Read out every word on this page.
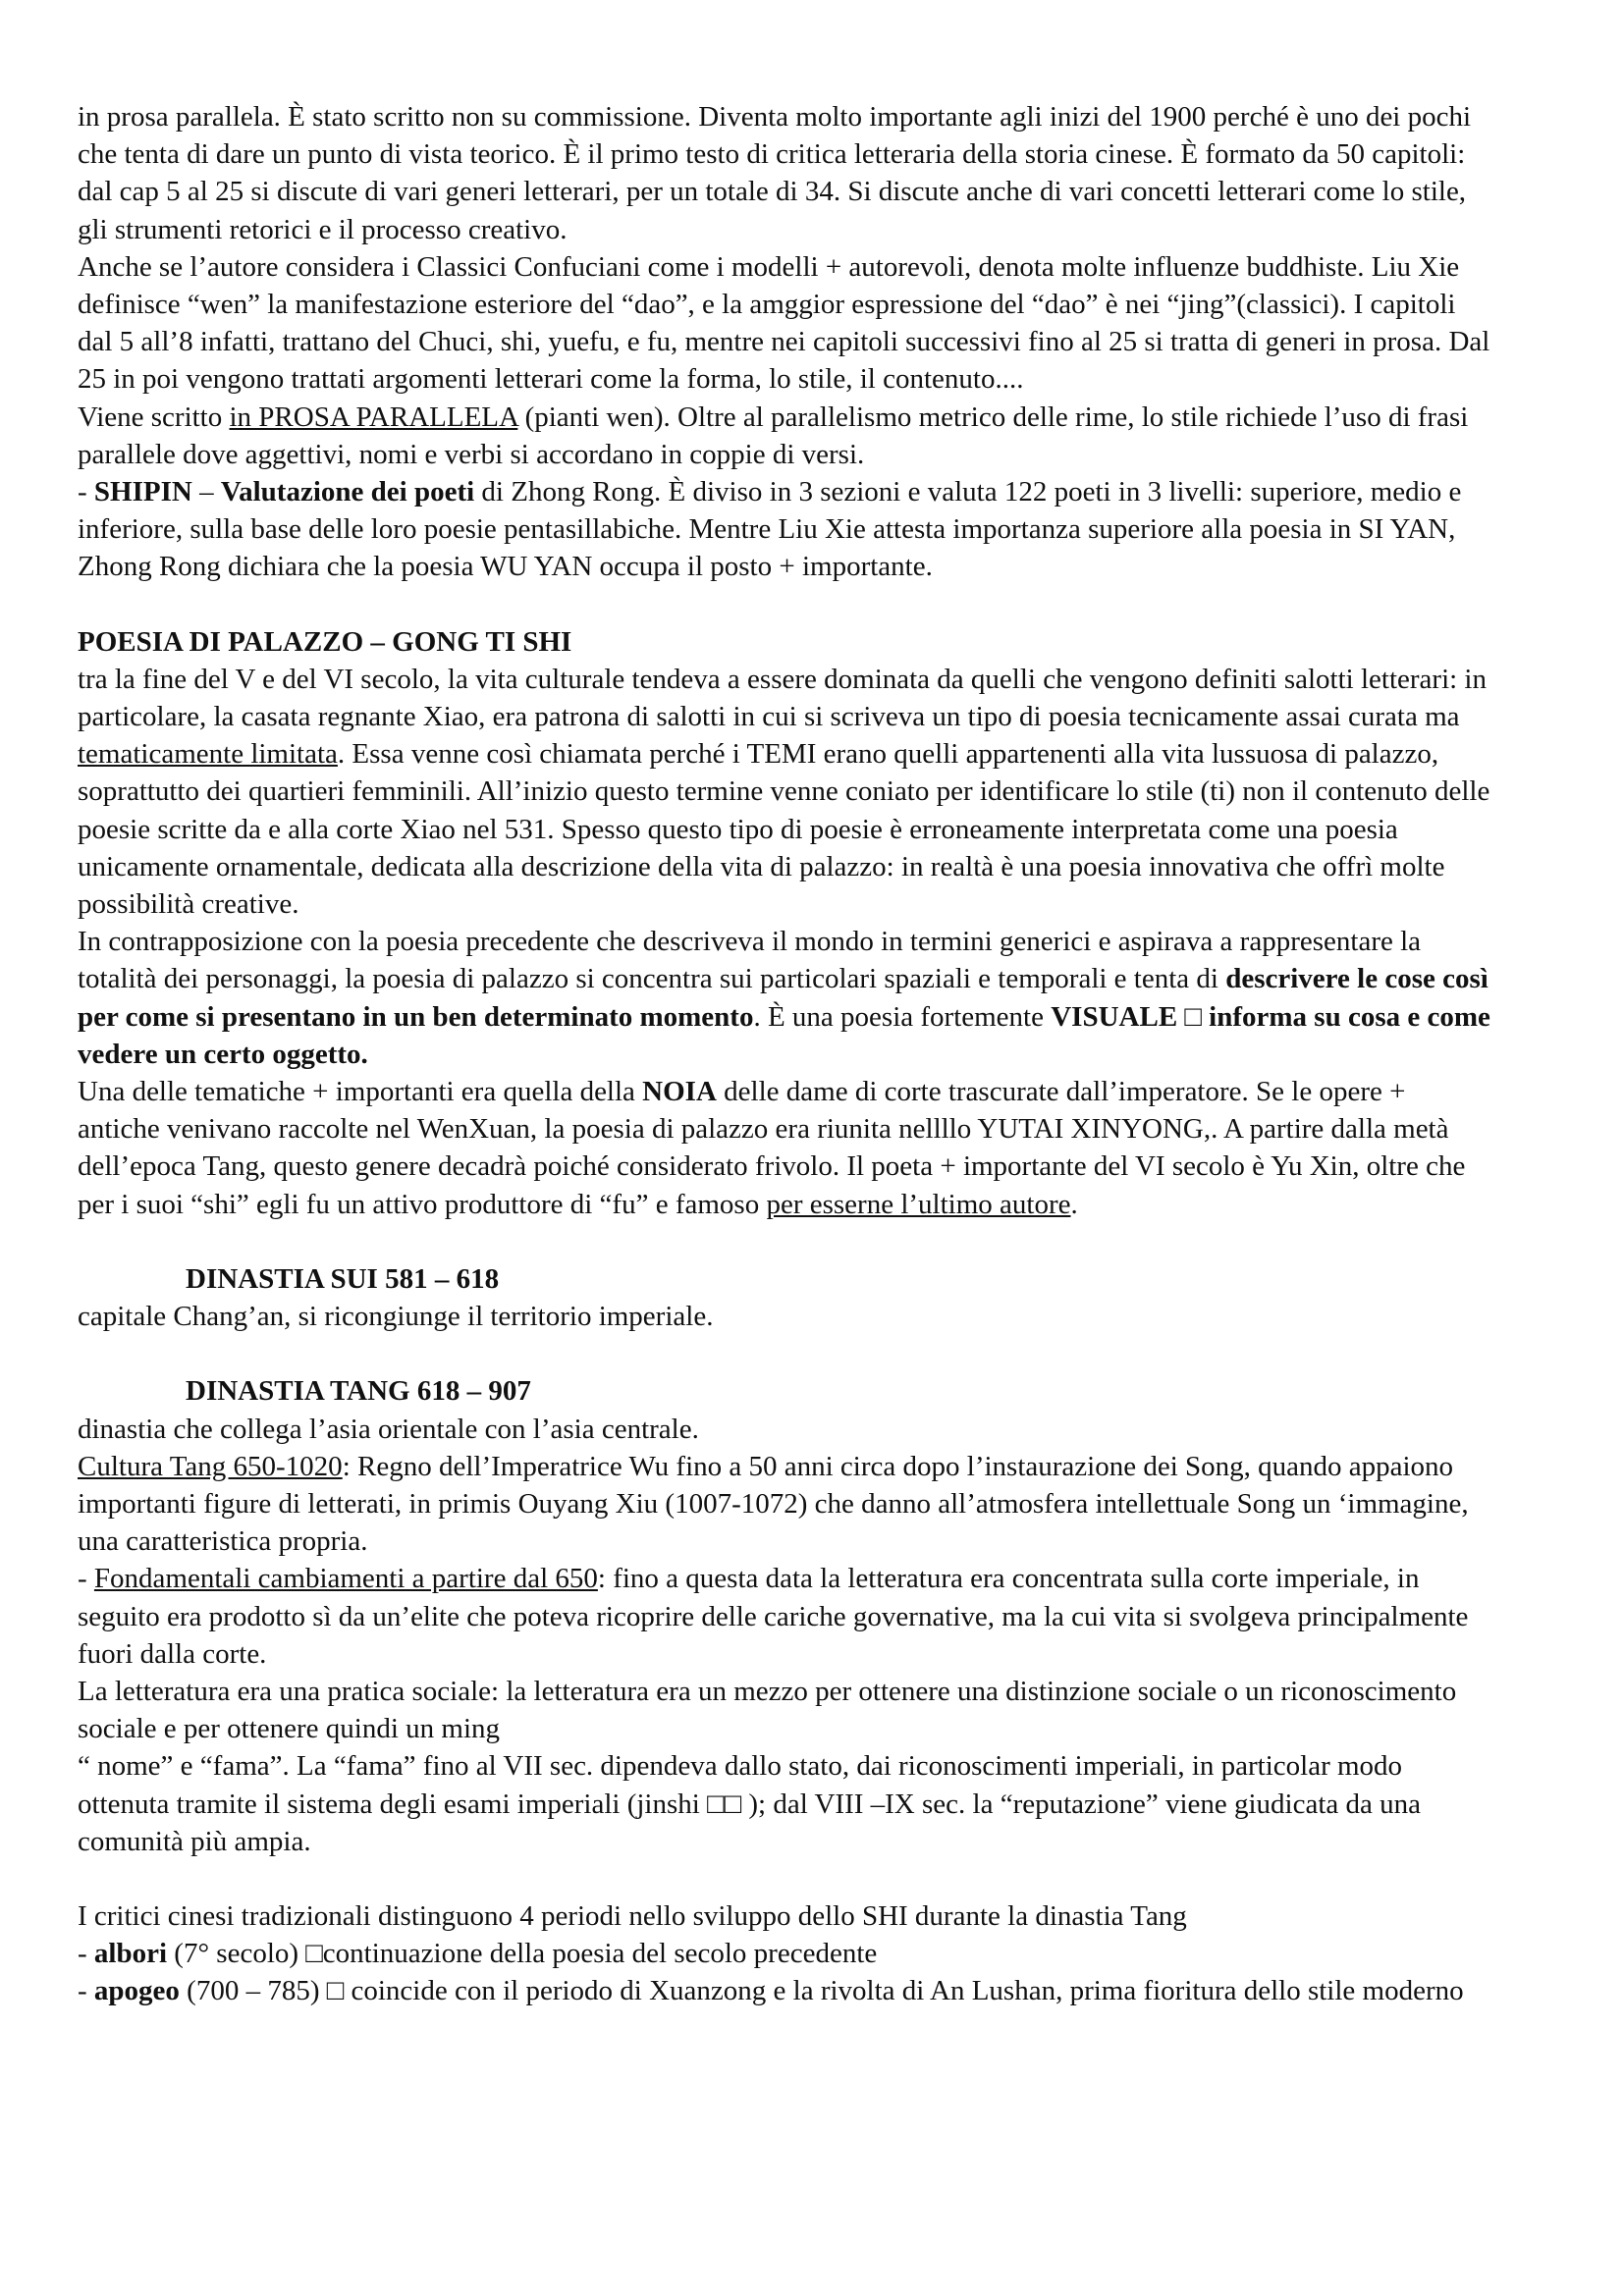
in prosa parallela. È stato scritto non su commissione. Diventa molto importante agli inizi del 1900 perché è uno dei pochi che tenta di dare un punto di vista teorico. È il primo testo di critica letteraria della storia cinese. È formato da 50 capitoli: dal cap 5 al 25 si discute di vari generi letterari, per un totale di 34. Si discute anche di vari concetti letterari come lo stile, gli strumenti retorici e il processo creativo.

Anche se l’autore considera i Classici Confuciani come i modelli + autorevoli, denota molte influenze buddhiste. Liu Xie definisce “wen” la manifestazione esteriore del “dao”, e la amggior espressione del “dao” è nei “jing”(classici). I capitoli dal 5 all’8 infatti, trattano del Chuci, shi, yuefu, e fu, mentre nei capitoli successivi fino al 25 si tratta di generi in prosa. Dal 25 in poi vengono trattati argomenti letterari come la forma, lo stile, il contenuto....

Viene scritto in PROSA PARALLELA (pianti wen). Oltre al parallelismo metrico delle rime, lo stile richiede l’uso di frasi parallele dove aggettivi, nomi e verbi si accordano in coppie di versi.

- SHIPIN – Valutazione dei poeti di Zhong Rong. È diviso in 3 sezioni e valuta 122 poeti in 3 livelli: superiore, medio e inferiore, sulla base delle loro poesie pentasillabiche. Mentre Liu Xie attesta importanza superiore alla poesia in SI YAN, Zhong Rong dichiara che la poesia WU YAN occupa il posto + importante.

POESIA DI PALAZZO – GONG TI SHI

tra la fine del V e del VI secolo, la vita culturale tendeva a essere dominata da quelli che vengono definiti salotti letterari: in particolare, la casata regnante Xiao, era patrona di salotti in cui si scriveva un tipo di poesia tecnicamente assai curata ma tematicamente limitata. Essa venne così chiamata perché i TEMI erano quelli appartenenti alla vita lussuosa di palazzo, soprattutto dei quartieri femminili. All’inizio questo termine venne coniato per identificare lo stile (ti) non il contenuto delle poesie scritte da e alla corte Xiao nel 531. Spesso questo tipo di poesie è erroneamente interpretata come una poesia unicamente ornamentale, dedicata alla descrizione della vita di palazzo: in realtà è una poesia innovativa che offrì molte possibilità creative.

In contrapposizione con la poesia precedente che descriveva il mondo in termini generici e aspirava a rappresentare la totalità dei personaggi, la poesia di palazzo si concentra sui particolari spaziali e temporali e tenta di descrivere le cose così per come si presentano in un ben determinato momento. È una poesia fortemente VISUALE □ informa su cosa e come vedere un certo oggetto.

Una delle tematiche + importanti era quella della NOIA delle dame di corte trascurate dall’imperatore. Se le opere + antiche venivano raccolte nel WenXuan, la poesia di palazzo era riunita nellllo YUTAI XINYONG,. A partire dalla metà dell’epoca Tang, questo genere decadrà poiché considerato frivolo. Il poeta + importante del VI secolo è Yu Xin, oltre che per i suoi “shi” egli fu un attivo produttore di “fu” e famoso per esserne l’ultimo autore.

DINASTIA SUI 581 – 618

capitale Chang’an, si ricongiunge il territorio imperiale.

DINASTIA TANG 618 – 907

dinastia che collega l’asia orientale con l’asia centrale.

Cultura Tang 650-1020: Regno dell’Imperatrice Wu fino a 50 anni circa dopo l’instaurazione dei Song, quando appaiono importanti figure di letterati, in primis Ouyang Xiu (1007-1072) che danno all’atmosfera intellettuale Song un ‘immagine, una caratteristica propria.

- Fondamentali cambiamenti a partire dal 650: fino a questa data la letteratura era concentrata sulla corte imperiale, in seguito era prodotto sì da un’elite che poteva ricoprire delle cariche governative, ma la cui vita si svolgeva principalmente fuori dalla corte.

La letteratura era una pratica sociale: la letteratura era un mezzo per ottenere una distinzione sociale o un riconoscimento sociale e per ottenere quindi un ming

“ nome” e “fama”. La “fama” fino al VII sec. dipendeva dallo stato, dai riconoscimenti imperiali, in particolar modo ottenuta tramite il sistema degli esami imperiali (jinshi □□ ); dal VIII –IX sec. la “reputazione” viene giudicata da una comunità più ampia.

I critici cinesi tradizionali distinguono 4 periodi nello sviluppo dello SHI durante la dinastia Tang

- albori (7° secolo) □continuazione della poesia del secolo precedente

- apogeo (700 – 785) □ coincide con il periodo di Xuanzong e la rivolta di An Lushan, prima fioritura dello stile moderno
